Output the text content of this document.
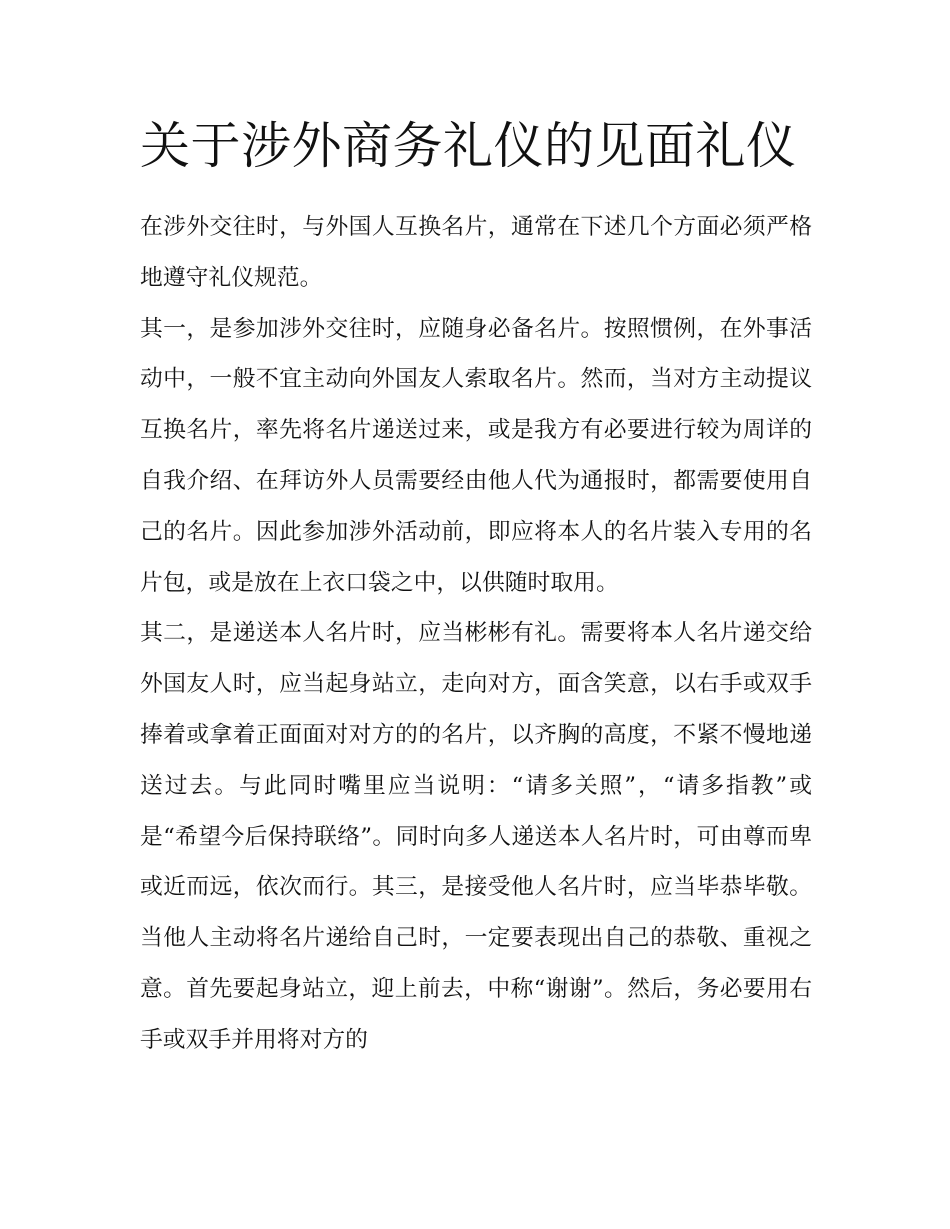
关于涉外商务礼仪的见面礼仪

在涉外交往时，与外国人互换名片，通常在下述几个方面必须严格地遵守礼仪规范。

其一，是参加涉外交往时，应随身必备名片。按照惯例，在外事活动中，一般不宜主动向外国友人索取名片。然而，当对方主动提议互换名片，率先将名片递送过来，或是我方有必要进行较为周详的自我介绍、在拜访外人员需要经由他人代为通报时，都需要使用自己的名片。因此参加涉外活动前，即应将本人的名片装入专用的名片包，或是放在上衣口袋之中，以供随时取用。

其二，是递送本人名片时，应当彬彬有礼。需要将本人名片递交给外国友人时，应当起身站立，走向对方，面含笑意，以右手或双手捧着或拿着正面面对对方的的名片，以齐胸的高度，不紧不慢地递送过去。与此同时嘴里应当说明：“请多关照”，“请多指教”或是“希望今后保持联络”。同时向多人递送本人名片时，可由尊而卑或近而远，依次而行。其三，是接受他人名片时，应当毕恭毕敬。当他人主动将名片递给自己时，一定要表现出自己的恭敬、重视之意。首先要起身站立，迎上前去，中称“谢谢”。然后，务必要用右手或双手并用将对方的
